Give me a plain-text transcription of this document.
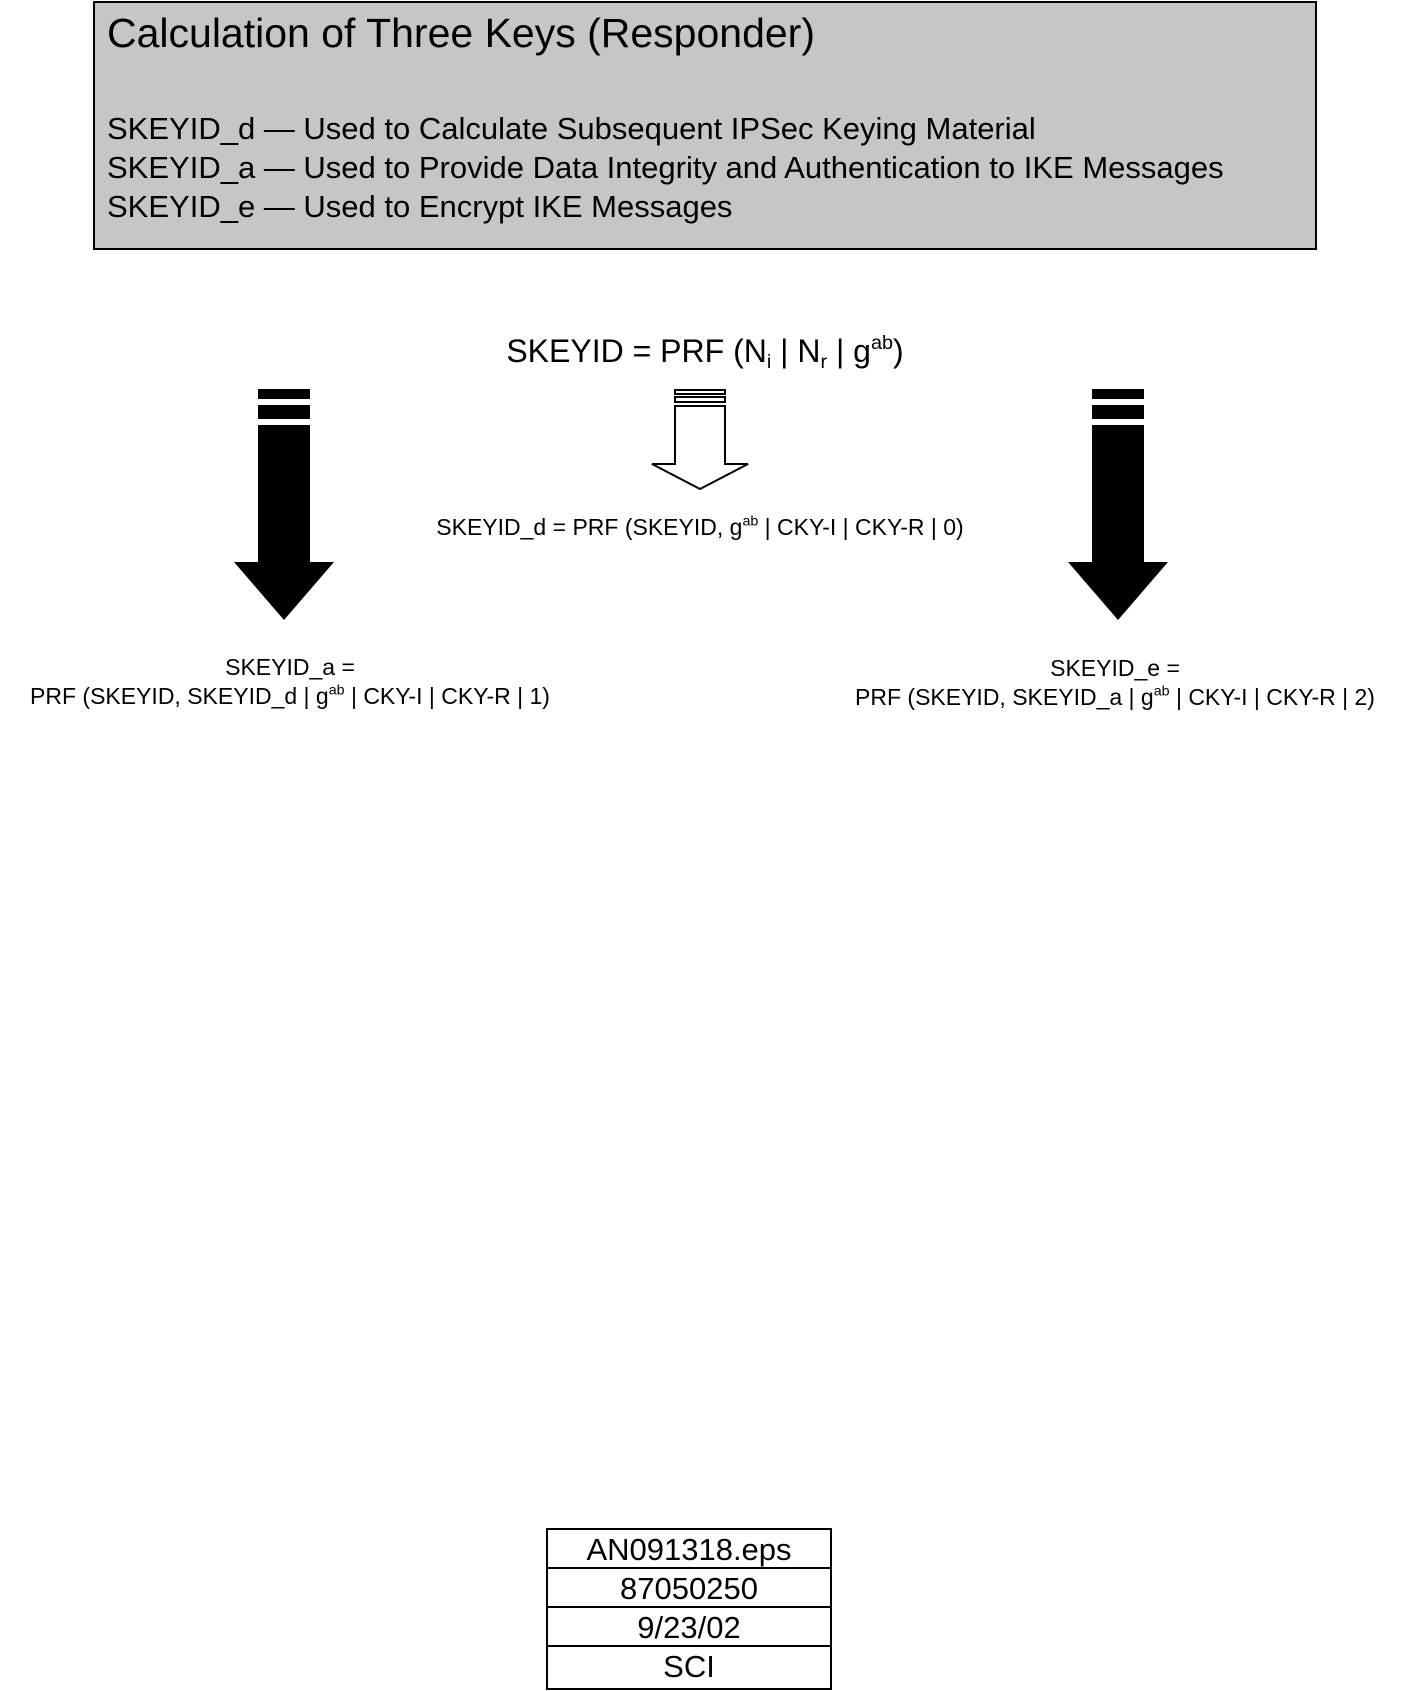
Calculation of Three Keys (Responder)
SKEYID_d — Used to Calculate Subsequent IPSec Keying Material
SKEYID_a — Used to Provide Data Integrity and Authentication to IKE Messages
SKEYID_e — Used to Encrypt IKE Messages
SKEYID = PRF ($N_i$ | $N_r$ | $g^{ab}$)
SKEYID_d = PRF (SKEYID, $g^{ab}$ | CKY-I | CKY-R | 0)
SKEYID_a =
PRF (SKEYID, SKEYID_d | $g^{ab}$ | CKY-I | CKY-R | 1)
SKEYID_e =
PRF (SKEYID, SKEYID_a | $g^{ab}$ | CKY-I | CKY-R | 2)
AN091318.eps
87050250
9/23/02
SCI
